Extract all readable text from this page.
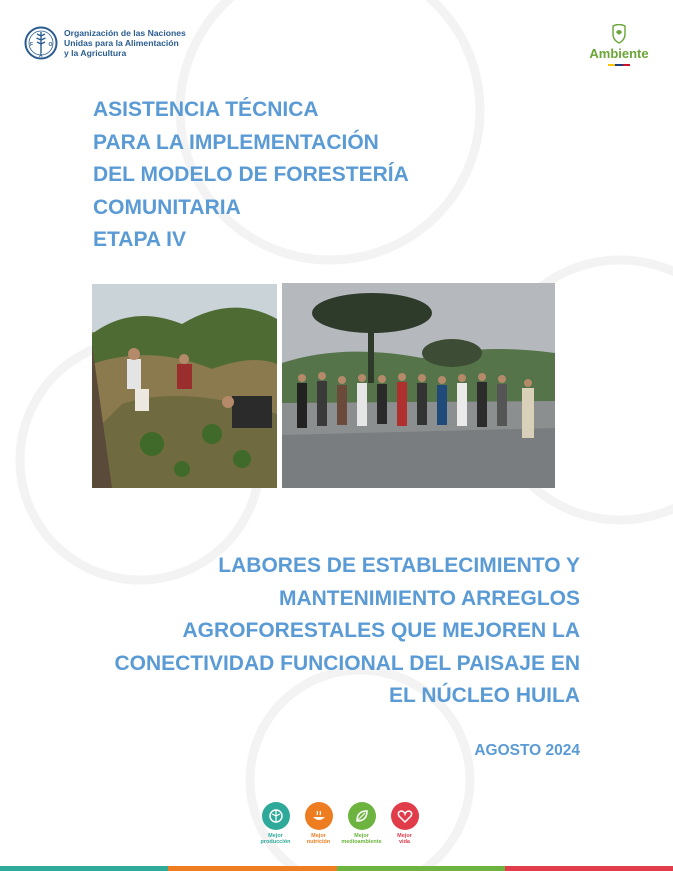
F	O
A
Organización de las Naciones
Unidas para la Alimentación
y la Agricultura	Ambiente
ASISTENCIA TÉCNICA
PARA LA IMPLEMENTACIÓN
DEL MODELO DE FORESTERÍA
COMUNITARIA
ETAPA IV
LABORES DE ESTABLECIMIENTO Y
MANTENIMIENTO ARREGLOS
AGROFORESTALES QUE MEJOREN LA
CONECTIVIDAD FUNCIONAL DEL PAISAJE EN
EL NÚCLEO HUILA
AGOSTO 2024
Mejor
producción
Mejor
nutrición
Mejor
medioambiente
Mejor
vida
